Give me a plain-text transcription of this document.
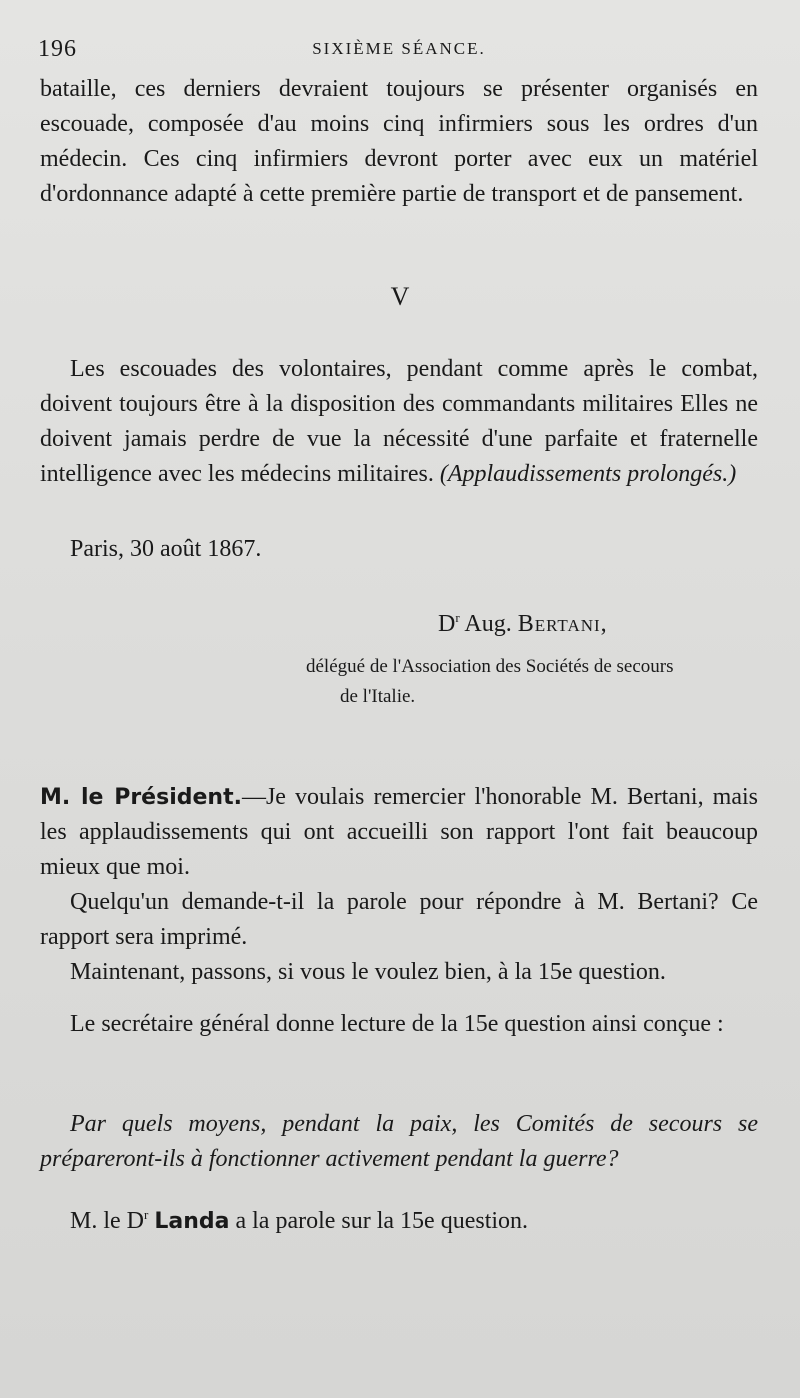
196	SIXIÈME SÉANCE.
bataille, ces derniers devraient toujours se présenter organisés en escouade, composée d'au moins cinq infirmiers sous les ordres d'un médecin. Ces cinq infirmiers devront porter avec eux un matériel d'ordonnance adapté à cette première partie de transport et de pansement.
V
Les escouades des volontaires, pendant comme après le combat, doivent toujours être à la disposition des commandants militaires Elles ne doivent jamais perdre de vue la nécessité d'une parfaite et fraternelle intelligence avec les médecins militaires. (Applaudissements prolongés.)
Paris, 30 août 1867.
$D^r$ Aug. Bertani,
délégué de l'Association des Sociétés de secours
de l'Italie.
M. le Président.—Je voulais remercier l'honorable M. Bertani, mais les applaudissements qui ont accueilli son rapport l'ont fait beaucoup mieux que moi.
Quelqu'un demande-t-il la parole pour répondre à M. Bertani? Ce rapport sera imprimé.
Maintenant, passons, si vous le voulez bien, à la 15e question.
Le secrétaire général donne lecture de la 15e question ainsi conçue :
Par quels moyens, pendant la paix, les Comités de secours se prépareront-ils à fonctionner activement pendant la guerre?
M. le $D^r$ Landa a la parole sur la 15e question.
